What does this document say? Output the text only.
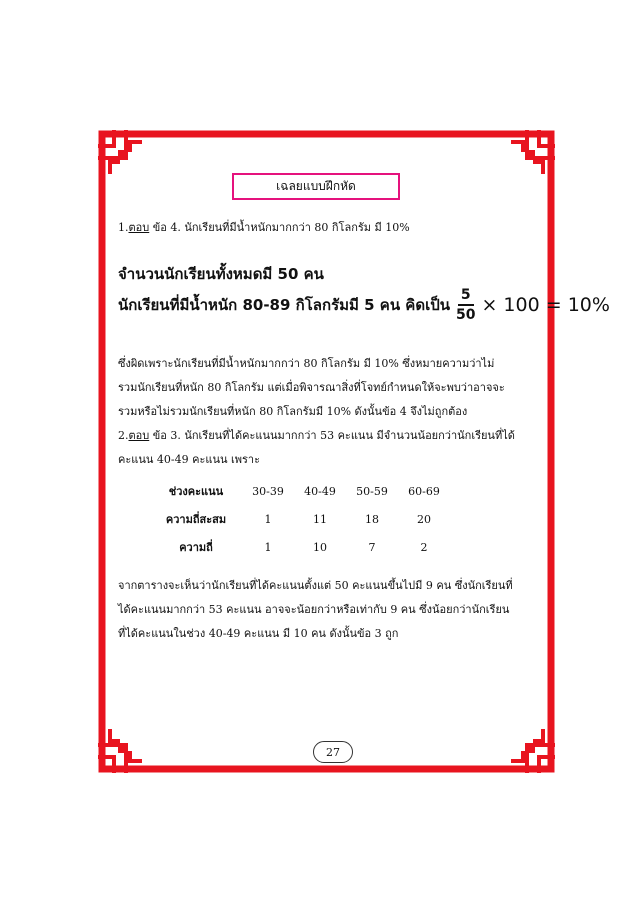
เฉลยแบบฝึกหัด
1.ตอบ ข้อ 4. นักเรียนที่มีน้ำหนักมากกว่า 80 กิโลกรัม มี 10%
จำนวนนักเรียนทั้งหมดมี 50 คน
นักเรียนที่มีน้ำหนัก 80-89 กิโลกรัมมี 5 คน คิดเป็น $\frac{5}{50} \times 100 = 10\%$
ซึ่งผิดเพราะนักเรียนที่มีน้ำหนักมากกว่า 80 กิโลกรัม มี 10% ซึ่งหมายความว่าไม่
รวมนักเรียนที่หนัก 80 กิโลกรัม แต่เมื่อพิจารณาสิ่งที่โจทย์กำหนดให้จะพบว่าอาจจะ
รวมหรือไม่รวมนักเรียนที่หนัก 80 กิโลกรัมมี 10% ดังนั้นข้อ 4 จึงไม่ถูกต้อง
2.ตอบ ข้อ 3. นักเรียนที่ได้คะแนนมากกว่า 53 คะแนน มีจำนวนน้อยกว่านักเรียนที่ได้
คะแนน 40-49 คะแนน เพราะ
ช่วงคะแนน	30-39	40-49	50-59	60-69
ความถี่สะสม	1	11	18	20
ความถี่	1	10	7	2
จากตารางจะเห็นว่านักเรียนที่ได้คะแนนตั้งแต่ 50 คะแนนขึ้นไปมี 9 คน ซึ่งนักเรียนที่
ได้คะแนนมากกว่า 53 คะแนน อาจจะน้อยกว่าหรือเท่ากับ 9 คน ซึ่งน้อยกว่านักเรียน
ที่ได้คะแนนในช่วง 40-49 คะแนน มี 10 คน ดังนั้นข้อ 3 ถูก
27
